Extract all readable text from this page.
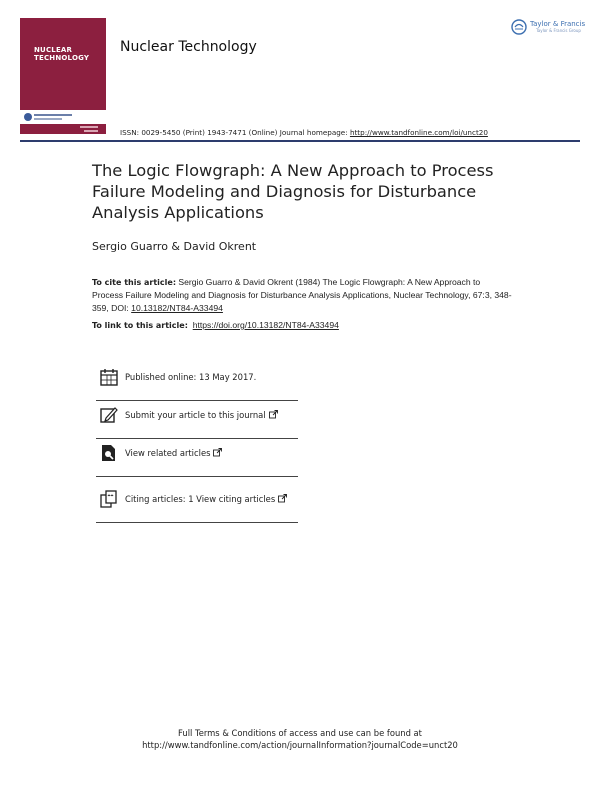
NUCLEAR
TECHNOLOGY
Nuclear Technology
Taylor & Francis
Taylor & Francis Group
ISSN: 0029-5450 (Print) 1943-7471 (Online) Journal homepage: http://www.tandfonline.com/loi/unct20
The Logic Flowgraph: A New Approach to Process Failure Modeling and Diagnosis for Disturbance Analysis Applications
Sergio Guarro & David Okrent
To cite this article: Sergio Guarro & David Okrent (1984) The Logic Flowgraph: A New Approach to Process Failure Modeling and Diagnosis for Disturbance Analysis Applications, Nuclear Technology, 67:3, 348-359, DOI: 10.13182/NT84-A33494
To link to this article: https://doi.org/10.13182/NT84-A33494
Published online: 13 May 2017.
Submit your article to this journal
View related articles
Citing articles: 1 View citing articles
Full Terms & Conditions of access and use can be found at
http://www.tandfonline.com/action/journalInformation?journalCode=unct20
